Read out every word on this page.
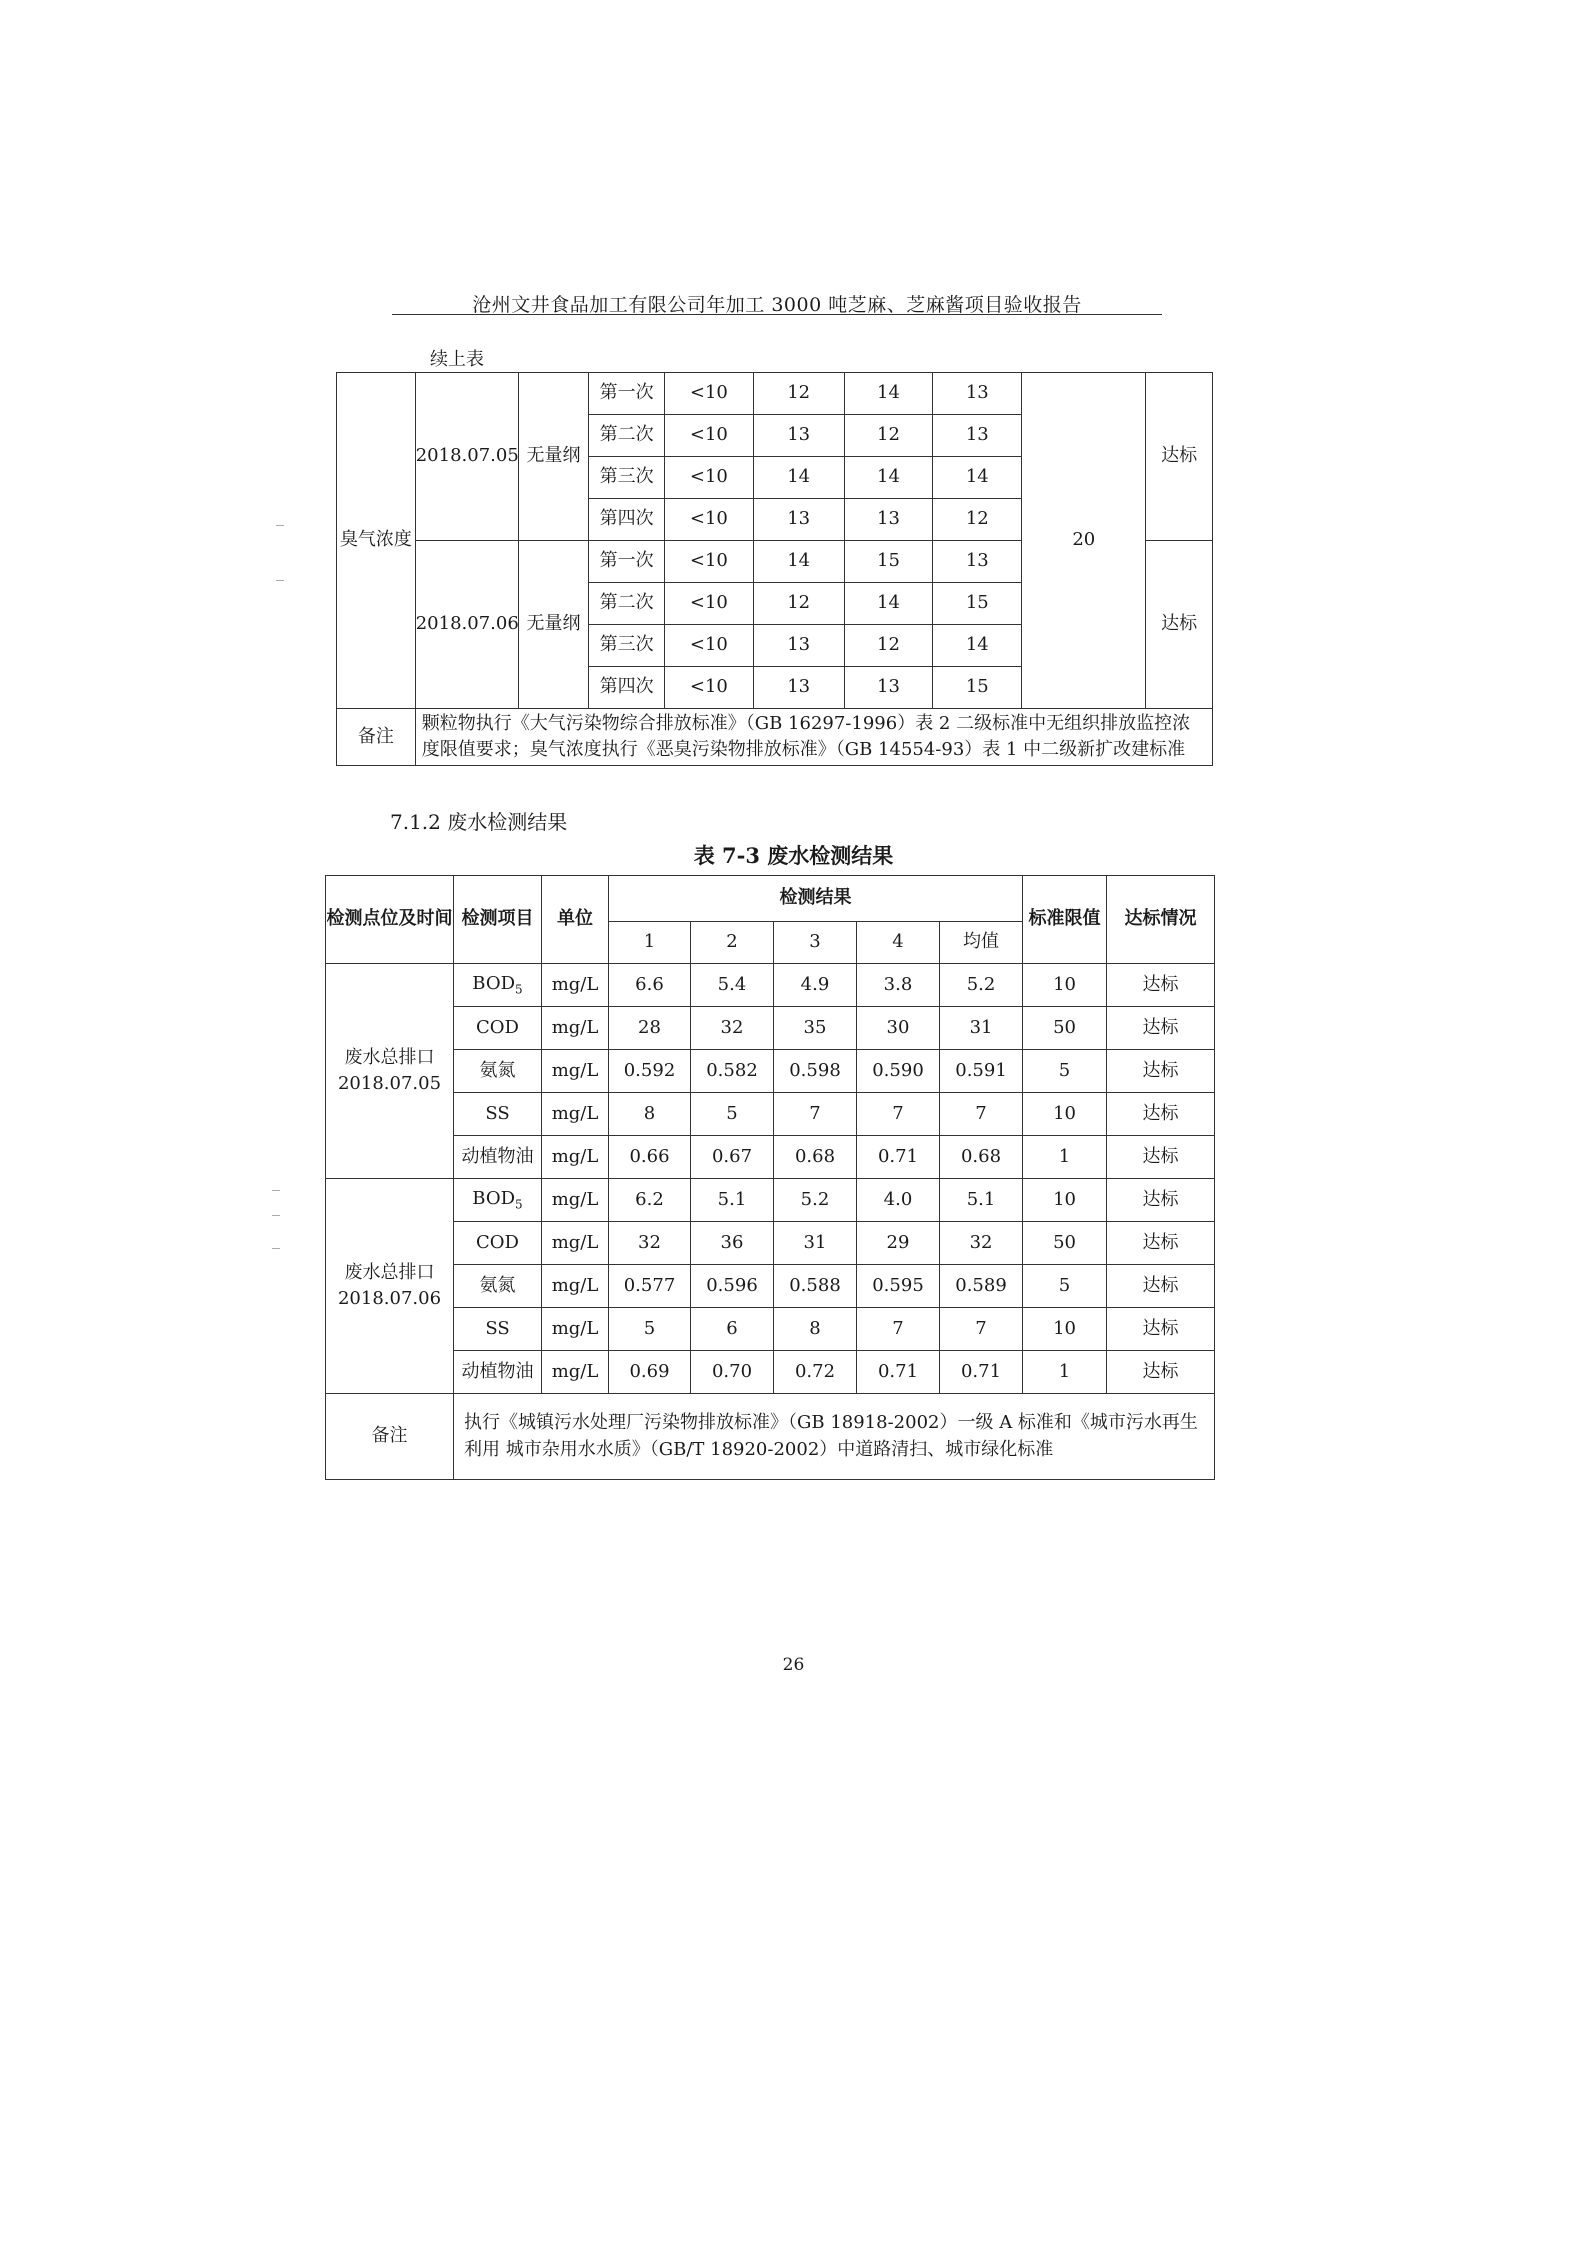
沧州文井食品加工有限公司年加工 3000 吨芝麻、芝麻酱项目验收报告
续上表
臭气浓度	2018.07.05	无量纲	第一次	<10	12	14	13	20	达标
			第二次	<10	13	12	13		
			第三次	<10	14	14	14		
			第四次	<10	13	13	12		
	2018.07.06	无量纲	第一次	<10	14	15	13		达标
			第二次	<10	12	14	15		
			第三次	<10	13	12	14		
			第四次	<10	13	13	15		
备注	颗粒物执行《大气污染物综合排放标准》（GB 16297-1996）表 2 二级标准中无组织排放监控浓度限值要求；臭气浓度执行《恶臭污染物排放标准》（GB 14554-93）表 1 中二级新扩改建标准								
7.1.2 废水检测结果
表 7-3 废水检测结果
检测点位及时间	检测项目	单位	检测结果					标准限值	达标情况
			1	2	3	4	均值		

废水总排口
2018.07.05	$BOD_5$	mg/L	6.6	5.4	4.9	3.8	5.2	10	达标
	COD	mg/L	28	32	35	30	31	50	达标
	氨氮	mg/L	0.592	0.582	0.598	0.590	0.591	5	达标
	SS	mg/L	8	5	7	7	7	10	达标
	动植物油	mg/L	0.66	0.67	0.68	0.71	0.68	1	达标

废水总排口
2018.07.06	$BOD_5$	mg/L	6.2	5.1	5.2	4.0	5.1	10	达标
	COD	mg/L	32	36	31	29	32	50	达标
	氨氮	mg/L	0.577	0.596	0.588	0.595	0.589	5	达标
	SS	mg/L	5	6	8	7	7	10	达标
	动植物油	mg/L	0.69	0.70	0.72	0.71	0.71	1	达标
备注	执行《城镇污水处理厂污染物排放标准》（GB 18918-2002）一级 A 标准和《城市污水再生利用 城市杂用水水质》（GB/T 18920-2002）中道路清扫、城市绿化标准								
26
